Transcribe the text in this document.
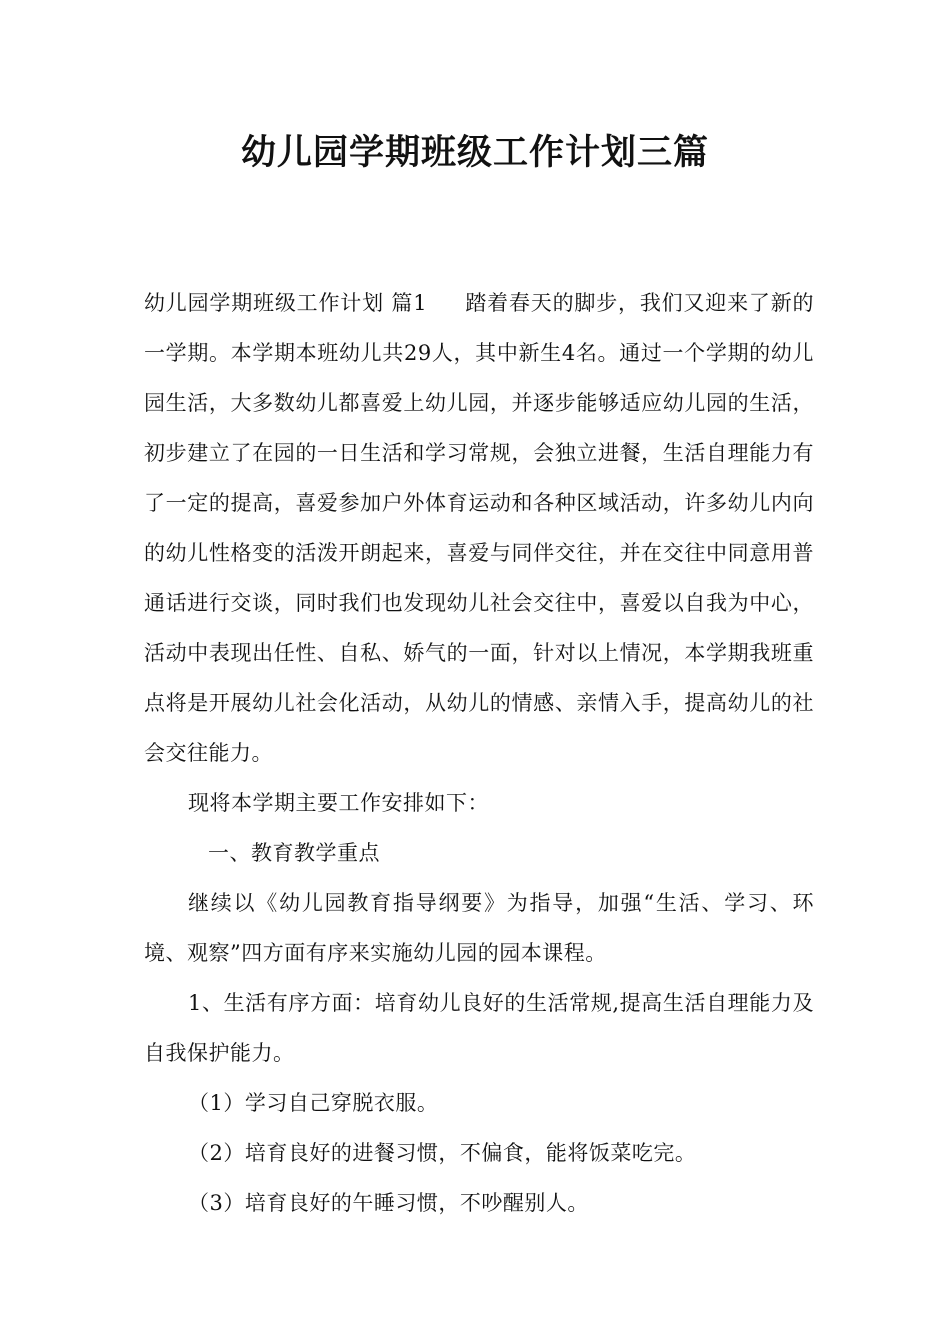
幼儿园学期班级工作计划三篇

幼儿园学期班级工作计划 篇1 踏着春天的脚步，我们又迎来了新的一学期。本学期本班幼儿共29人，其中新生4名。通过一个学期的幼儿园生活，大多数幼儿都喜爱上幼儿园，并逐步能够适应幼儿园的生活，初步建立了在园的一日生活和学习常规，会独立进餐，生活自理能力有了一定的提高，喜爱参加户外体育运动和各种区域活动，许多幼儿内向的幼儿性格变的活泼开朗起来，喜爱与同伴交往，并在交往中同意用普通话进行交谈，同时我们也发现幼儿社会交往中，喜爱以自我为中心，活动中表现出任性、自私、娇气的一面，针对以上情况，本学期我班重点将是开展幼儿社会化活动，从幼儿的情感、亲情入手，提高幼儿的社会交往能力。

现将本学期主要工作安排如下：

一、教育教学重点

继续以《幼儿园教育指导纲要》为指导，加强“生活、学习、环境、观察”四方面有序来实施幼儿园的园本课程。

1、生活有序方面：培育幼儿良好的生活常规,提高生活自理能力及自我保护能力。

（1）学习自己穿脱衣服。

（2）培育良好的进餐习惯，不偏食，能将饭菜吃完。

（3）培育良好的午睡习惯，不吵醒别人。
